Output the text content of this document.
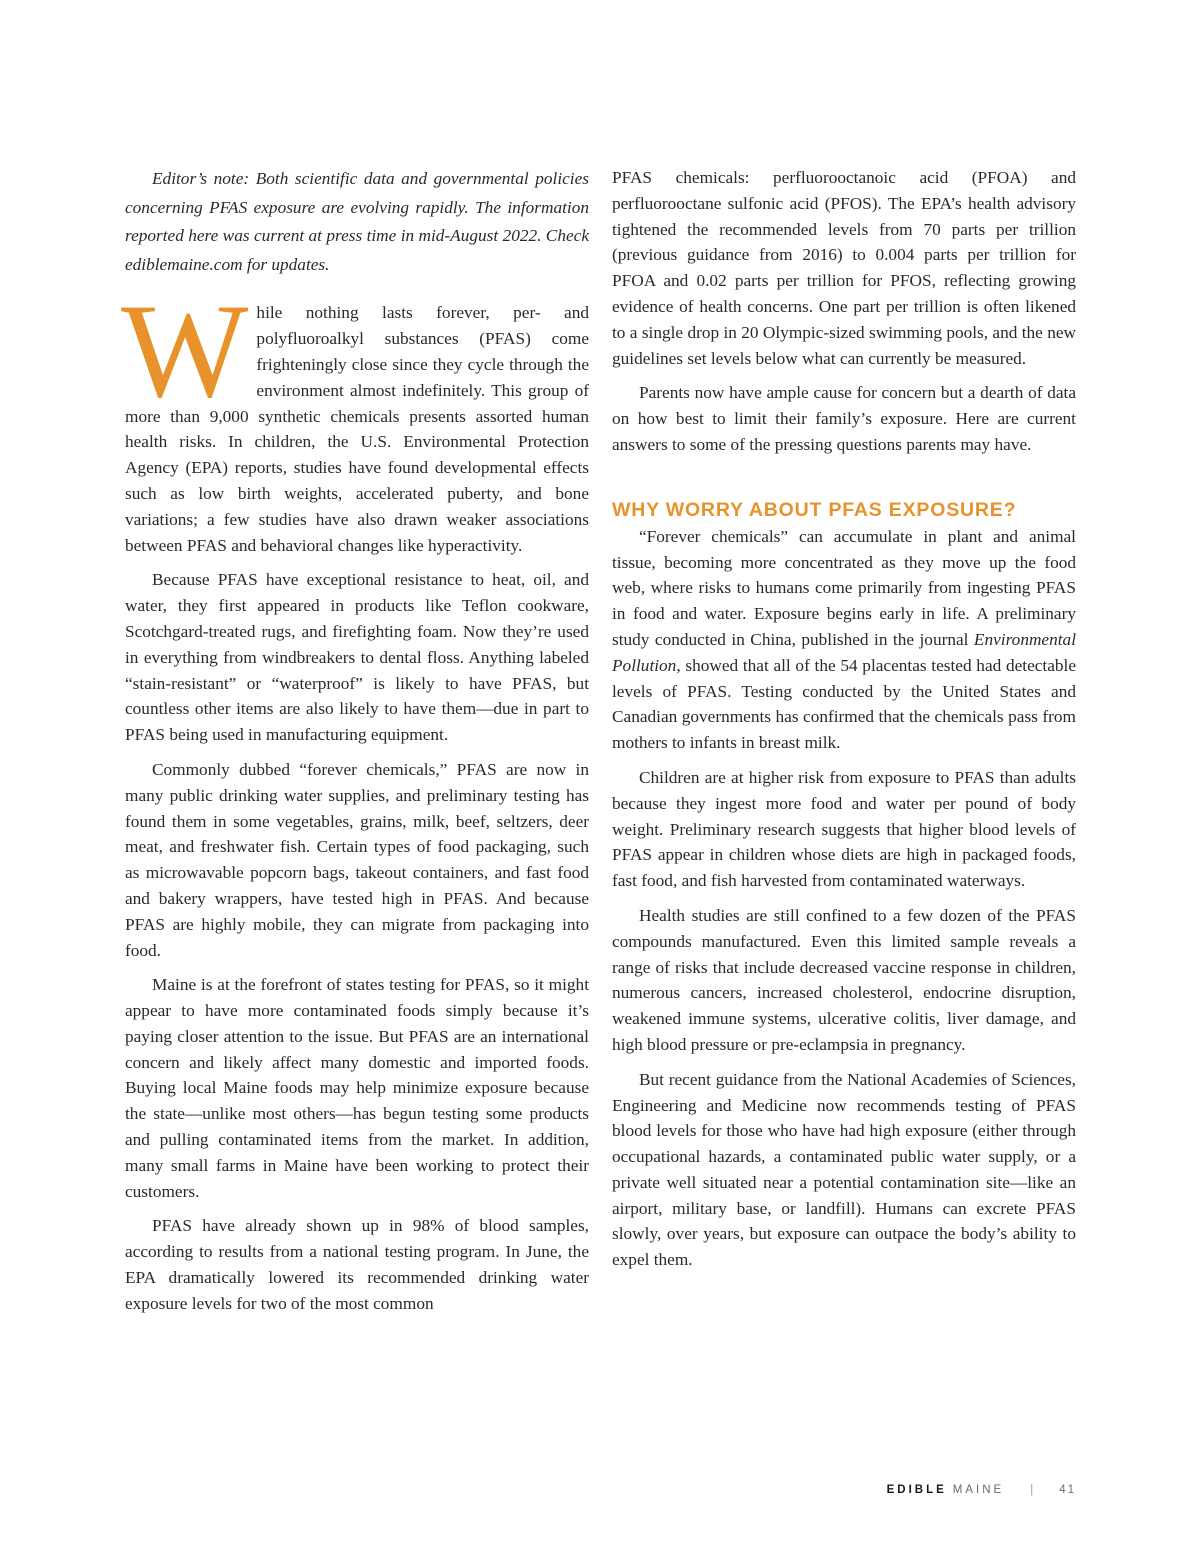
Editor’s note: Both scientific data and governmental policies concerning PFAS exposure are evolving rapidly. The information reported here was current at press time in mid-August 2022. Check ediblemaine.com for updates.

While nothing lasts forever, per- and polyfluoroalkyl substances (PFAS) come frighteningly close since they cycle through the environment almost indefinitely. This group of more than 9,000 synthetic chemicals presents assorted human health risks. In children, the U.S. Environmental Protection Agency (EPA) reports, studies have found developmental effects such as low birth weights, accelerated puberty, and bone variations; a few studies have also drawn weaker associations between PFAS and behavioral changes like hyperactivity.

Because PFAS have exceptional resistance to heat, oil, and water, they first appeared in products like Teflon cookware, Scotchgard-treated rugs, and firefighting foam. Now they’re used in everything from windbreakers to dental floss. Anything labeled “stain-resistant” or “waterproof” is likely to have PFAS, but countless other items are also likely to have them—due in part to PFAS being used in manufacturing equipment.

Commonly dubbed “forever chemicals,” PFAS are now in many public drinking water supplies, and preliminary testing has found them in some vegetables, grains, milk, beef, seltzers, deer meat, and freshwater fish. Certain types of food packaging, such as microwavable popcorn bags, takeout containers, and fast food and bakery wrappers, have tested high in PFAS. And because PFAS are highly mobile, they can migrate from packaging into food.

Maine is at the forefront of states testing for PFAS, so it might appear to have more contaminated foods simply because it’s paying closer attention to the issue. But PFAS are an international concern and likely affect many domestic and imported foods. Buying local Maine foods may help minimize exposure because the state—unlike most others—has begun testing some products and pulling contaminated items from the market. In addition, many small farms in Maine have been working to protect their customers.

PFAS have already shown up in 98% of blood samples, according to results from a national testing program. In June, the EPA dramatically lowered its recommended drinking water exposure levels for two of the most common

PFAS chemicals: perfluorooctanoic acid (PFOA) and perfluorooctane sulfonic acid (PFOS). The EPA’s health advisory tightened the recommended levels from 70 parts per trillion (previous guidance from 2016) to 0.004 parts per trillion for PFOA and 0.02 parts per trillion for PFOS, reflecting growing evidence of health concerns. One part per trillion is often likened to a single drop in 20 Olympic-sized swimming pools, and the new guidelines set levels below what can currently be measured.

Parents now have ample cause for concern but a dearth of data on how best to limit their family’s exposure. Here are current answers to some of the pressing questions parents may have.

WHY WORRY ABOUT PFAS EXPOSURE?

“Forever chemicals” can accumulate in plant and animal tissue, becoming more concentrated as they move up the food web, where risks to humans come primarily from ingesting PFAS in food and water. Exposure begins early in life. A preliminary study conducted in China, published in the journal Environmental Pollution, showed that all of the 54 placentas tested had detectable levels of PFAS. Testing conducted by the United States and Canadian governments has confirmed that the chemicals pass from mothers to infants in breast milk.

Children are at higher risk from exposure to PFAS than adults because they ingest more food and water per pound of body weight. Preliminary research suggests that higher blood levels of PFAS appear in children whose diets are high in packaged foods, fast food, and fish harvested from contaminated waterways.

Health studies are still confined to a few dozen of the PFAS compounds manufactured. Even this limited sample reveals a range of risks that include decreased vaccine response in children, numerous cancers, increased cholesterol, endocrine disruption, weakened immune systems, ulcerative colitis, liver damage, and high blood pressure or pre-eclampsia in pregnancy.

But recent guidance from the National Academies of Sciences, Engineering and Medicine now recommends testing of PFAS blood levels for those who have had high exposure (either through occupational hazards, a contaminated public water supply, or a private well situated near a potential contamination site—like an airport, military base, or landfill). Humans can excrete PFAS slowly, over years, but exposure can outpace the body’s ability to expel them.

EDIBLE MAINE | 41
